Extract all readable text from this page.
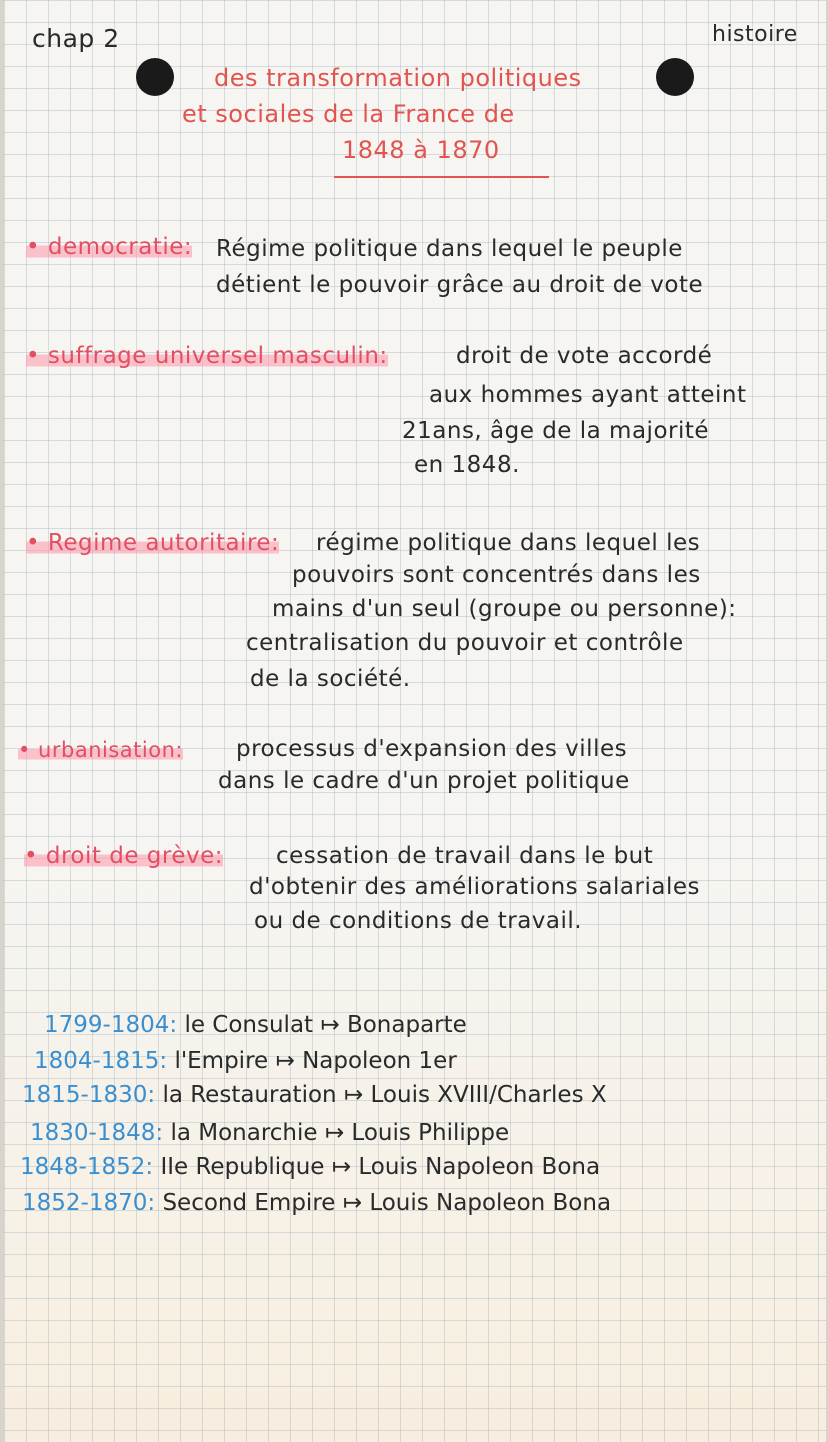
chap 2	histoire
des transformation politiques
et sociales de la France de
1848 à 1870
• democratie: Régime politique dans lequel le peuple
détient le pouvoir grâce au droit de vote
• suffrage universel masculin:	droit de vote accordé
aux hommes ayant atteint
21ans, âge de la majorité
en 1848.
• Regime autoritaire: régime politique dans lequel les
pouvoirs sont concentrés dans les
mains d'un seul (groupe ou personne):
centralisation du pouvoir et contrôle
de la société.
• urbanisation: processus d'expansion des villes
dans le cadre d'un projet politique
• droit de grève: cessation de travail dans le but
d'obtenir des améliorations salariales
ou de conditions de travail.
1799-1804: le Consulat ↦ Bonaparte
1804-1815: l'Empire ↦ Napoleon 1er
1815-1830: la Restauration ↦ Louis XVIII/Charles X
1830-1848: la Monarchie ↦ Louis Philippe
1848-1852: IIe Republique ↦ Louis Napoleon Bona
1852-1870: Second Empire ↦ Louis Napoleon Bona
